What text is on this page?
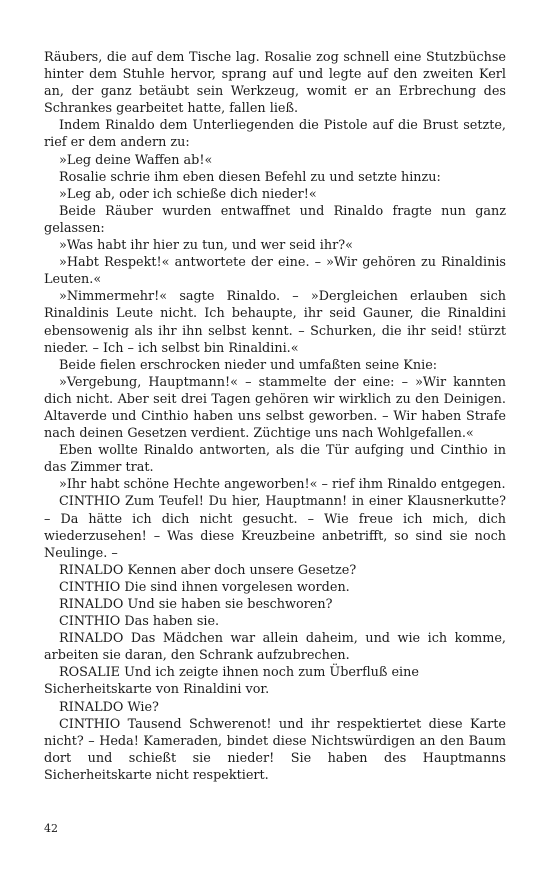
Räubers, die auf dem Tische lag. Rosalie zog schnell eine Stutzbüchse hinter dem Stuhle hervor, sprang auf und legte auf den zweiten Kerl an, der ganz betäubt sein Werkzeug, womit er an Erbrechung des Schrankes gearbeitet hatte, fallen ließ.

Indem Rinaldo dem Unterliegenden die Pistole auf die Brust setzte, rief er dem andern zu:

»Leg deine Waffen ab!«

Rosalie schrie ihm eben diesen Befehl zu und setzte hinzu:

»Leg ab, oder ich schieße dich nieder!«

Beide Räuber wurden entwaffnet und Rinaldo fragte nun ganz gelassen:

»Was habt ihr hier zu tun, und wer seid ihr?«

»Habt Respekt!« antwortete der eine. – »Wir gehören zu Rinaldinis Leuten.«

»Nimmermehr!« sagte Rinaldo. – »Dergleichen erlauben sich Rinaldinis Leute nicht. Ich behaupte, ihr seid Gauner, die Rinaldini ebensowenig als ihr ihn selbst kennt. – Schurken, die ihr seid! stürzt nieder. – Ich – ich selbst bin Rinaldini.«

Beide fielen erschrocken nieder und umfaßten seine Knie:

»Vergebung, Hauptmann!« – stammelte der eine: – »Wir kannten dich nicht. Aber seit drei Tagen gehören wir wirklich zu den Deinigen. Altaverde und Cinthio haben uns selbst geworben. – Wir haben Strafe nach deinen Gesetzen verdient. Züchtige uns nach Wohlgefallen.«

Eben wollte Rinaldo antworten, als die Tür aufging und Cinthio in das Zimmer trat.

»Ihr habt schöne Hechte angeworben!« – rief ihm Rinaldo entgegen.

CINTHIO Zum Teufel! Du hier, Hauptmann! in einer Klausnerkutte? – Da hätte ich dich nicht gesucht. – Wie freue ich mich, dich wiederzusehen! – Was diese Kreuzbeine anbetrifft, so sind sie noch Neulinge. –

RINALDO Kennen aber doch unsere Gesetze?

CINTHIO Die sind ihnen vorgelesen worden.

RINALDO Und sie haben sie beschworen?

CINTHIO Das haben sie.

RINALDO Das Mädchen war allein daheim, und wie ich komme, arbeiten sie daran, den Schrank aufzubrechen.

ROSALIE Und ich zeigte ihnen noch zum Überfluß eine Sicherheitskarte von Rinaldini vor.

RINALDO Wie?

CINTHIO Tausend Schwerenot! und ihr respektiertet diese Karte nicht? – Heda! Kameraden, bindet diese Nichtswürdigen an den Baum dort und schießt sie nieder! Sie haben des Hauptmanns Sicherheitskarte nicht respektiert.

42
